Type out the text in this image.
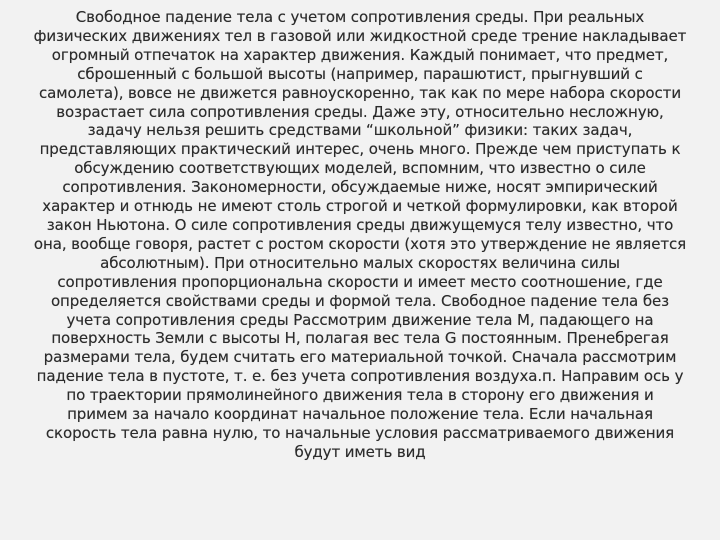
Свободное падение тела с учетом сопротивления среды. При реальных
физических движениях тел в газовой или жидкостной среде трение накладывает
огромный отпечаток на характер движения. Каждый понимает, что предмет,
сброшенный с большой высоты (например, парашютист, прыгнувший с
самолета), вовсе не движется равноускоренно, так как по мере набора скорости
возрастает сила сопротивления среды. Даже эту, относительно несложную,
задачу нельзя решить средствами “школьной” физики: таких задач,
представляющих практический интерес, очень много. Прежде чем приступать к
обсуждению соответствующих моделей, вспомним, что известно о силе
сопротивления. Закономерности, обсуждаемые ниже, носят эмпирический
характер и отнюдь не имеют столь строгой и четкой формулировки, как второй
закон Ньютона. О силе сопротивления среды движущемуся телу известно, что
она, вообще говоря, растет с ростом скорости (хотя это утверждение не является
абсолютным). При относительно малых скоростях величина силы
сопротивления пропорциональна скорости и имеет место соотношение, где
определяется свойствами среды и формой тела. Свободное падение тела без
учета сопротивления среды Рассмотрим движение тела М, падающего на
поверхность Земли с высоты Н, полагая вес тела G постоянным. Пренебрегая
размерами тела, будем считать его материальной точкой. Сначала рассмотрим
падение тела в пустоте, т. е. без учета сопротивления воздуха.п. Направим ось у
по траектории прямолинейного движения тела в сторону его движения и
примем за начало координат начальное положение тела. Если начальная
скорость тела равна нулю, то начальные условия рассматриваемого движения
будут иметь вид
